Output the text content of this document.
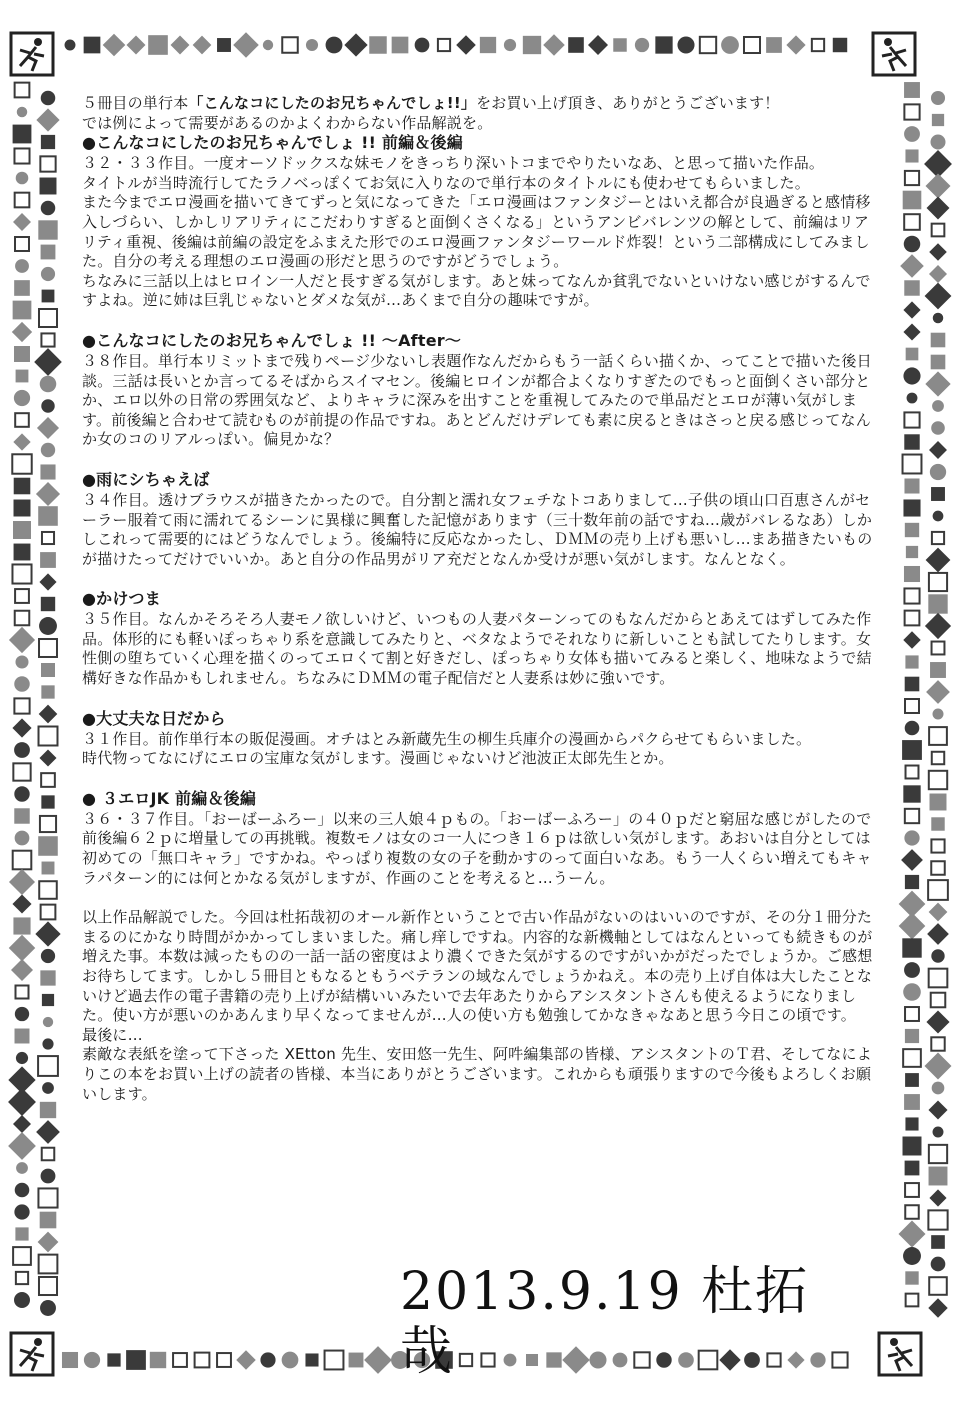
５冊目の単行本「こんなコにしたのお兄ちゃんでしょ!!」をお買い上げ頂き、ありがとうございます！

では例によって需要があるのかよくわからない作品解説を。

●こんなコにしたのお兄ちゃんでしょ !! 前編＆後編

３２・３３作目。一度オーソドックスな妹モノをきっちり深いトコまでやりたいなあ、と思って描いた作品。
タイトルが当時流行してたラノベっぽくてお気に入りなので単行本のタイトルにも使わせてもらいました。
また今までエロ漫画を描いてきてずっと気になってきた「エロ漫画はファンタジーとはいえ都合が良過ぎると感情移入しづらい、しかしリアリティにこだわりすぎると面倒くさくなる」というアンビバレンツの解として、前編はリアリティ重視、後編は前編の設定をふまえた形でのエロ漫画ファンタジーワールド炸裂！という二部構成にしてみました。自分の考える理想のエロ漫画の形だと思うのですがどうでしょう。
ちなみに三話以上はヒロイン一人だと長すぎる気がします。あと妹ってなんか貧乳でないといけない感じがするんですよね。逆に姉は巨乳じゃないとダメな気が…あくまで自分の趣味ですが。

●こんなコにしたのお兄ちゃんでしょ !! 〜After〜

３８作目。単行本リミットまで残りページ少ないし表題作なんだからもう一話くらい描くか、ってことで描いた後日談。三話は長いとか言ってるそばからスイマセン。後編ヒロインが都合よくなりすぎたのでもっと面倒くさい部分とか、エロ以外の日常の雰囲気など、よりキャラに深みを出すことを重視してみたので単品だとエロが薄い気がします。前後編と合わせて読むものが前提の作品ですね。あとどんだけデレても素に戻るときはさっと戻る感じってなんか女のコのリアルっぽい。偏見かな？

●雨にシちゃえば

３４作目。透けブラウスが描きたかったので。自分割と濡れ女フェチなトコありまして…子供の頃山口百恵さんがセーラー服着て雨に濡れてるシーンに異様に興奮した記憶があります（三十数年前の話ですね…歳がバレるなあ）しかしこれって需要的にはどうなんでしょう。後編特に反応なかったし、ＤＭＭの売り上げも悪いし…まあ描きたいものが描けたってだけでいいか。あと自分の作品男がリア充だとなんか受けが悪い気がします。なんとなく。

●かけつま

３５作目。なんかそろそろ人妻モノ欲しいけど、いつもの人妻パターンってのもなんだからとあえてはずしてみた作品。体形的にも軽いぽっちゃり系を意識してみたりと、ベタなようでそれなりに新しいことも試してたりします。女性側の堕ちていく心理を描くのってエロくて割と好きだし、ぽっちゃり女体も描いてみると楽しく、地味なようで結構好きな作品かもしれません。ちなみにＤＭＭの電子配信だと人妻系は妙に強いです。

●大丈夫な日だから

３１作目。前作単行本の販促漫画。オチはとみ新蔵先生の柳生兵庫介の漫画からパクらせてもらいました。
時代物ってなにげにエロの宝庫な気がします。漫画じゃないけど池波正太郎先生とか。

● ３エロJK 前編＆後編

３６・３７作目。「おーばーふろー」以来の三人娘４ｐもの。「おーばーふろー」の４０ｐだと窮屈な感じがしたので前後編６２ｐに増量しての再挑戦。複数モノは女のコ一人につき１６ｐは欲しい気がします。あおいは自分としては初めての「無口キャラ」ですかね。やっぱり複数の女の子を動かすのって面白いなあ。もう一人くらい増えてもキャラパターン的には何とかなる気がしますが、作画のことを考えると…うーん。

以上作品解説でした。今回は杜拓哉初のオール新作ということで古い作品がないのはいいのですが、その分１冊分たまるのにかなり時間がかかってしまいました。痛し痒しですね。内容的な新機軸としてはなんといっても続きものが増えた事。本数は減ったものの一話一話の密度はより濃くできた気がするのですがいかがだったでしょうか。ご感想お待ちしてます。しかし５冊目ともなるともうベテランの域なんでしょうかねえ。本の売り上げ自体は大したことないけど過去作の電子書籍の売り上げが結構いいみたいで去年あたりからアシスタントさんも使えるようになりました。使い方が悪いのかあんまり早くなってませんが…人の使い方も勉強してかなきゃなあと思う今日この頃です。

最後に…

素敵な表紙を塗って下さった XEtton 先生、安田悠一先生、阿吽編集部の皆様、アシスタントのＴ君、そしてなによりこの本をお買い上げの読者の皆様、本当にありがとうございます。これからも頑張りますので今後もよろしくお願いします。

2013.9.19 杜拓哉
